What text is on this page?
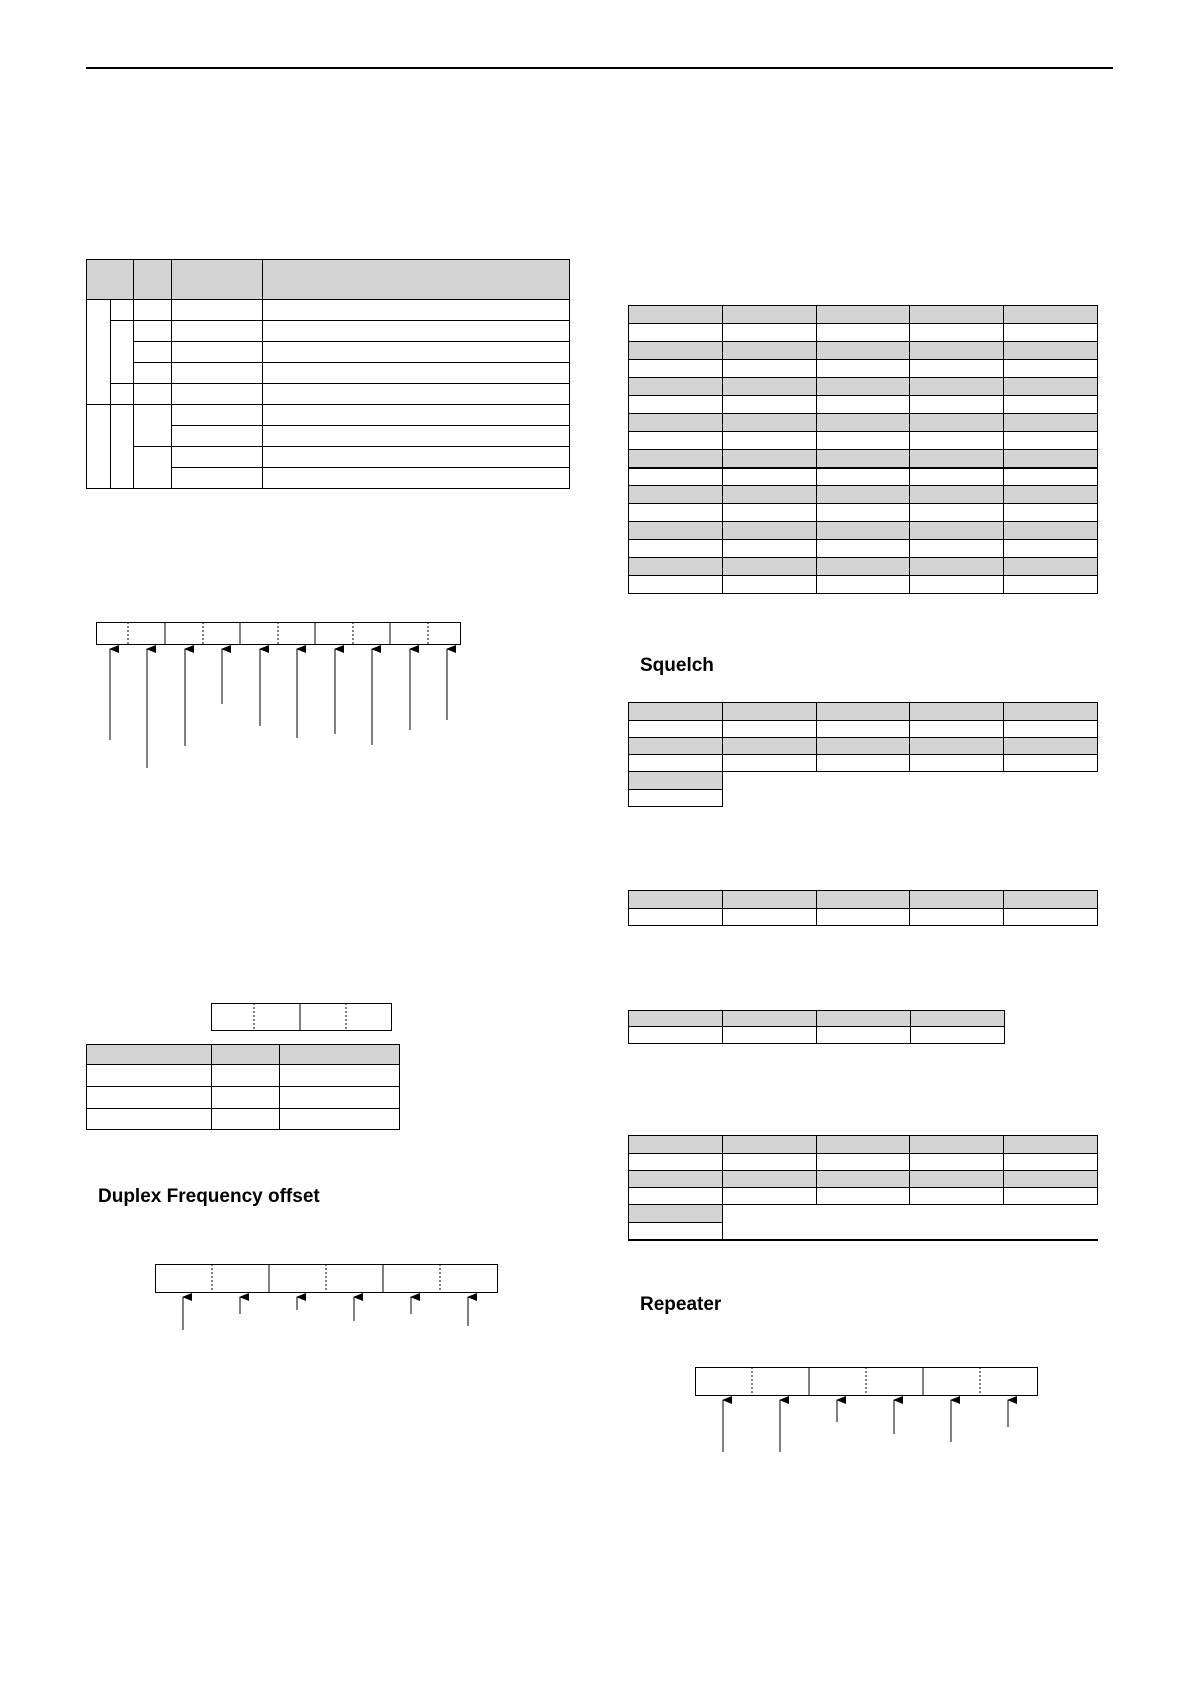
Duplex Frequency offset

Squelch

Repeater
